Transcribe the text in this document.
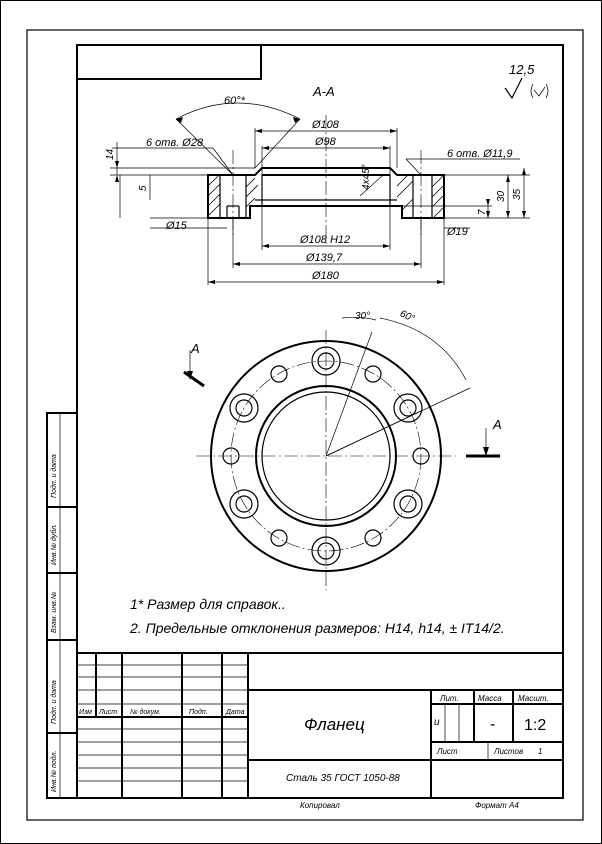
12,5
A-A
60°*
Ø108
Ø98
6 отв. Ø28
6 отв. Ø11,9
4x45°
14
5
30 35
7
Ø15	Ø19
Ø108 H12
Ø139,7
Ø180
30°	60°
A
A
1* Размер для справок..
2. Предельные отклонения размеров: H14, h14, ± IT14/2.
Подп. и дата
Инв.№ дубл.
Взам. инв.№
Подп. и дата
Инв.№ подл.
Изм Лист № докум.	Подп.	Дата
Фланец
Сталь 35 ГОСТ 1050-88
Лит. Масса Масшт.
и	- 1:2
Лист	Листов 1
Копировал	Формат А4
